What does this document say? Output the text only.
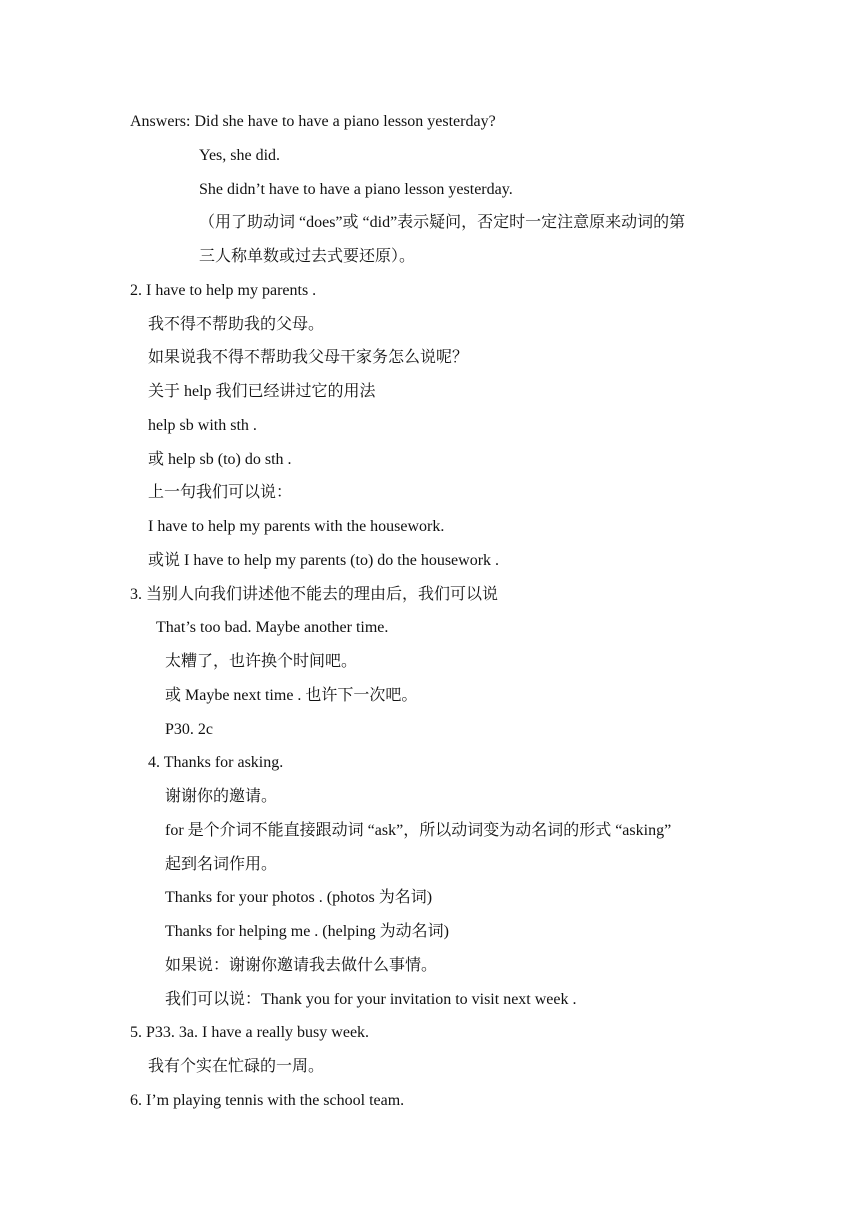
Answers: Did she have to have a piano lesson yesterday?
Yes, she did.
She didn’t have to have a piano lesson yesterday.
（用了助动词 “does”或 “did”表示疑问，否定时一定注意原来动词的第
三人称单数或过去式要还原）。
2. I have to help my parents .
我不得不帮助我的父母。
如果说我不得不帮助我父母干家务怎么说呢？
关于 help 我们已经讲过它的用法
help sb with sth .
或 help sb (to) do sth .
上一句我们可以说：
I have to help my parents with the housework.
或说 I have to help my parents (to) do the housework .
3. 当别人向我们讲述他不能去的理由后，我们可以说
That’s too bad. Maybe another time.
太糟了，也许换个时间吧。
或 Maybe next time . 也许下一次吧。
P30. 2c
4. Thanks for asking.
谢谢你的邀请。
for 是个介词不能直接跟动词 “ask”，所以动词变为动名词的形式 “asking”
起到名词作用。
Thanks for your photos . (photos 为名词)
Thanks for helping me . (helping 为动名词)
如果说：谢谢你邀请我去做什么事情。
我们可以说：Thank you for your invitation to visit next week .
5. P33. 3a. I have a really busy week.
我有个实在忙碌的一周。
6. I’m playing tennis with the school team.
